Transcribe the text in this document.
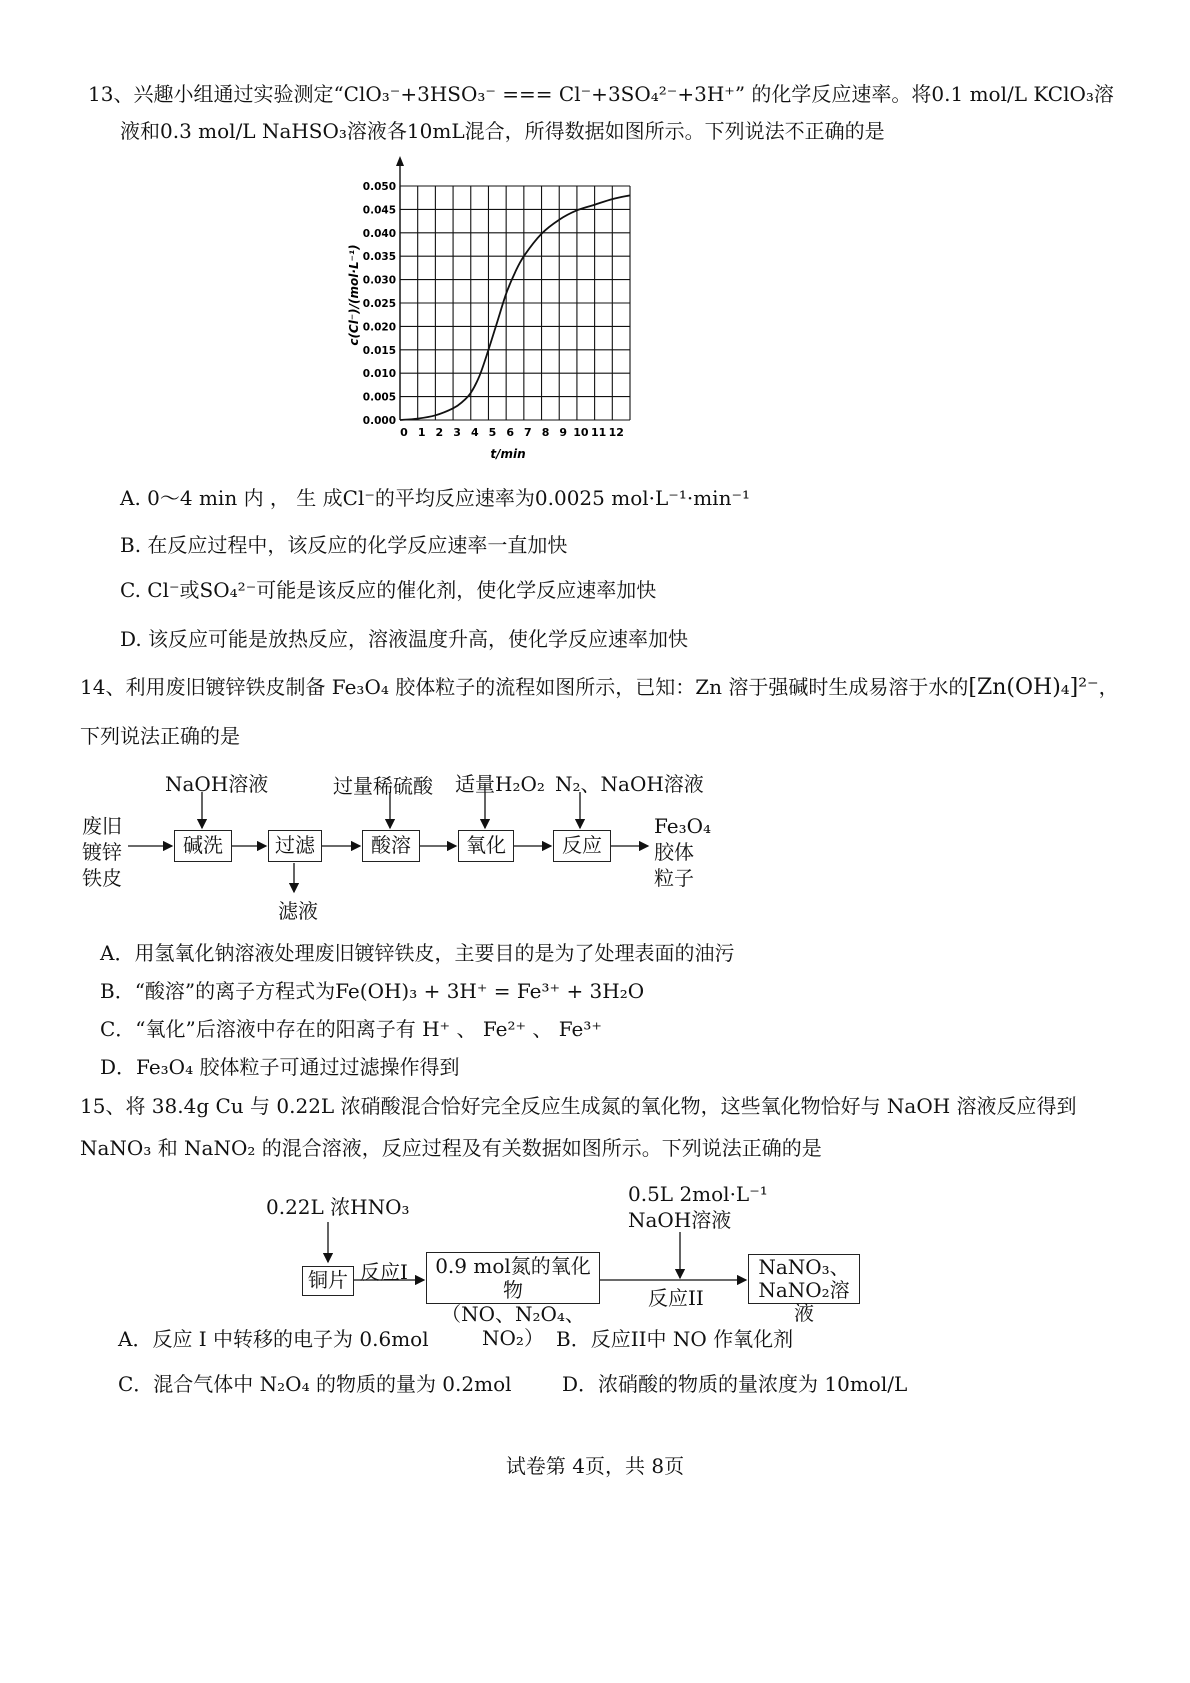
13、兴趣小组通过实验测定“ClO₃⁻+3HSO₃⁻ === Cl⁻+3SO₄²⁻+3H⁺” 的化学反应速率。将0.1 mol/L KClO₃溶
液和0.3 mol/L NaHSO₃溶液各10mL混合，所得数据如图所示。下列说法不正确的是
0.000
0.005
0.010
0.015
0.020
0.025
0.030
0.035
0.040
0.045
0.050
0 1 2 3 4 5 6 7 8 9 10 11 12
c(Cl⁻)/(mol·L⁻¹)
t/min
A. 0～4 min 内 ， 生 成Cl⁻的平均反应速率为0.0025 mol·L⁻¹·min⁻¹
B. 在反应过程中，该反应的化学反应速率一直加快
C. Cl⁻或SO₄²⁻可能是该反应的催化剂，使化学反应速率加快
D. 该反应可能是放热反应，溶液温度升高，使化学反应速率加快
14、利用废旧镀锌铁皮制备 Fe₃O₄ 胶体粒子的流程如图所示，已知：Zn 溶于强碱时生成易溶于水的[Zn(OH)₄]²⁻，
下列说法正确的是
废旧
镀锌
铁皮
NaOH溶液	过量稀硫酸 适量H₂O₂ N₂、NaOH溶液
碱洗	过滤	酸溶	氧化	反应
滤液
Fe₃O₄
胶体
粒子
A．用氢氧化钠溶液处理废旧镀锌铁皮，主要目的是为了处理表面的油污
B．“酸溶”的离子方程式为Fe(OH)₃ + 3H⁺ = Fe³⁺ + 3H₂O
C．“氧化”后溶液中存在的阳离子有 H⁺ 、 Fe²⁺ 、 Fe³⁺
D．Fe₃O₄ 胶体粒子可通过过滤操作得到
15、将 38.4g Cu 与 0.22L 浓硝酸混合恰好完全反应生成氮的氧化物，这些氧化物恰好与 NaOH 溶液反应得到
NaNO₃ 和 NaNO₂ 的混合溶液，反应过程及有关数据如图所示。下列说法正确的是
0.22L 浓HNO₃
铜片 反应I	0.9 mol氮的氧化物
（NO、N₂O₄、NO₂）
0.5L 2mol·L⁻¹
NaOH溶液
反应II
NaNO₃、
NaNO₂溶液
A．反应 I 中转移的电子为 0.6mol	B．反应II中 NO 作氧化剂
C．混合气体中 N₂O₄ 的物质的量为 0.2mol	D．浓硝酸的物质的量浓度为 10mol/L
试卷第 4页，共 8页
